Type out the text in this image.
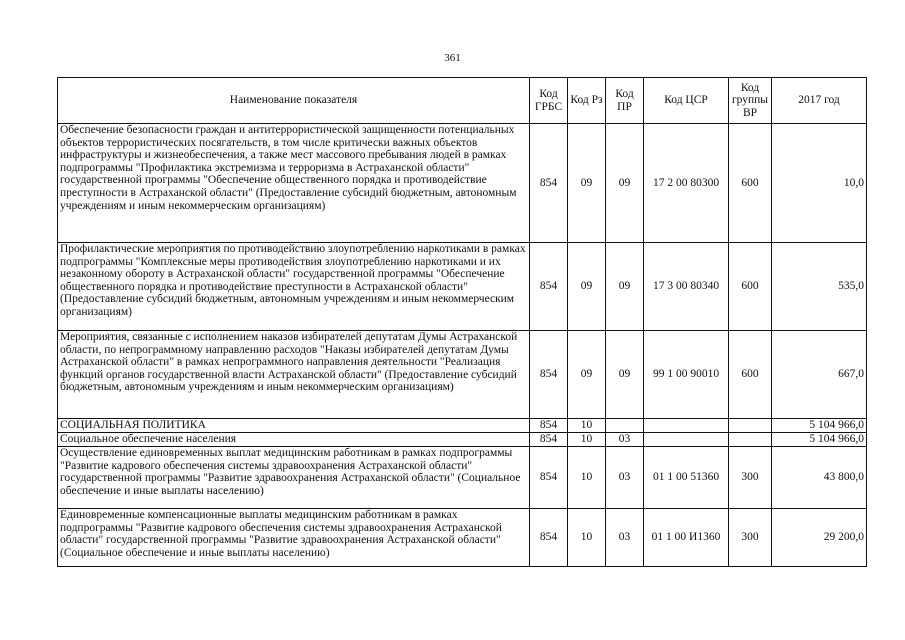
361
Наименование показателя	Код ГРБС	Код Рз	Код ПР	Код ЦСР	Код группы ВР	2017 год
Обеспечение безопасности граждан и антитеррористической защищенности потенциальных объектов террористических посягательств, в том числе критически важных объектов инфраструктуры и жизнеобеспечения, а также мест массового пребывания людей в рамках подпрограммы "Профилактика экстремизма и терроризма в Астраханской области" государственной программы "Обеспечение общественного порядка и противодействие преступности в Астраханской области" (Предоставление субсидий бюджетным, автономным учреждениям и иным некоммерческим организациям)	854	09	09	17 2 00 80300	600	10,0
Профилактические мероприятия по противодействию злоупотреблению наркотиками в рамках подпрограммы "Комплексные меры противодействия злоупотреблению наркотиками и их незаконному обороту в Астраханской области" государственной программы "Обеспечение общественного порядка и противодействие преступности в Астраханской области" (Предоставление субсидий бюджетным, автономным учреждениям и иным некоммерческим организациям)	854	09	09	17 3 00 80340	600	535,0
Мероприятия, связанные с исполнением наказов избирателей депутатам Думы Астраханской области, по непрограммному направлению расходов "Наказы избирателей депутатам Думы Астраханской области" в рамках непрограммного направления деятельности "Реализация функций органов государственной власти Астраханской области" (Предоставление субсидий бюджетным, автономным учреждениям и иным некоммерческим организациям)	854	09	09	99 1 00 90010	600	667,0
СОЦИАЛЬНАЯ ПОЛИТИКА	854	10				5 104 966,0
Социальное обеспечение населения	854	10	03			5 104 966,0
Осуществление единовременных выплат медицинским работникам в рамках подпрограммы "Развитие кадрового обеспечения системы здравоохранения Астраханской области" государственной программы "Развитие здравоохранения Астраханской области" (Социальное обеспечение и иные выплаты населению)	854	10	03	01 1 00 51360	300	43 800,0
Единовременные компенсационные выплаты медицинским работникам в рамках подпрограммы "Развитие кадрового обеспечения системы здравоохранения Астраханской области" государственной программы "Развитие здравоохранения Астраханской области" (Социальное обеспечение и иные выплаты населению)	854	10	03	01 1 00 И1360	300	29 200,0
